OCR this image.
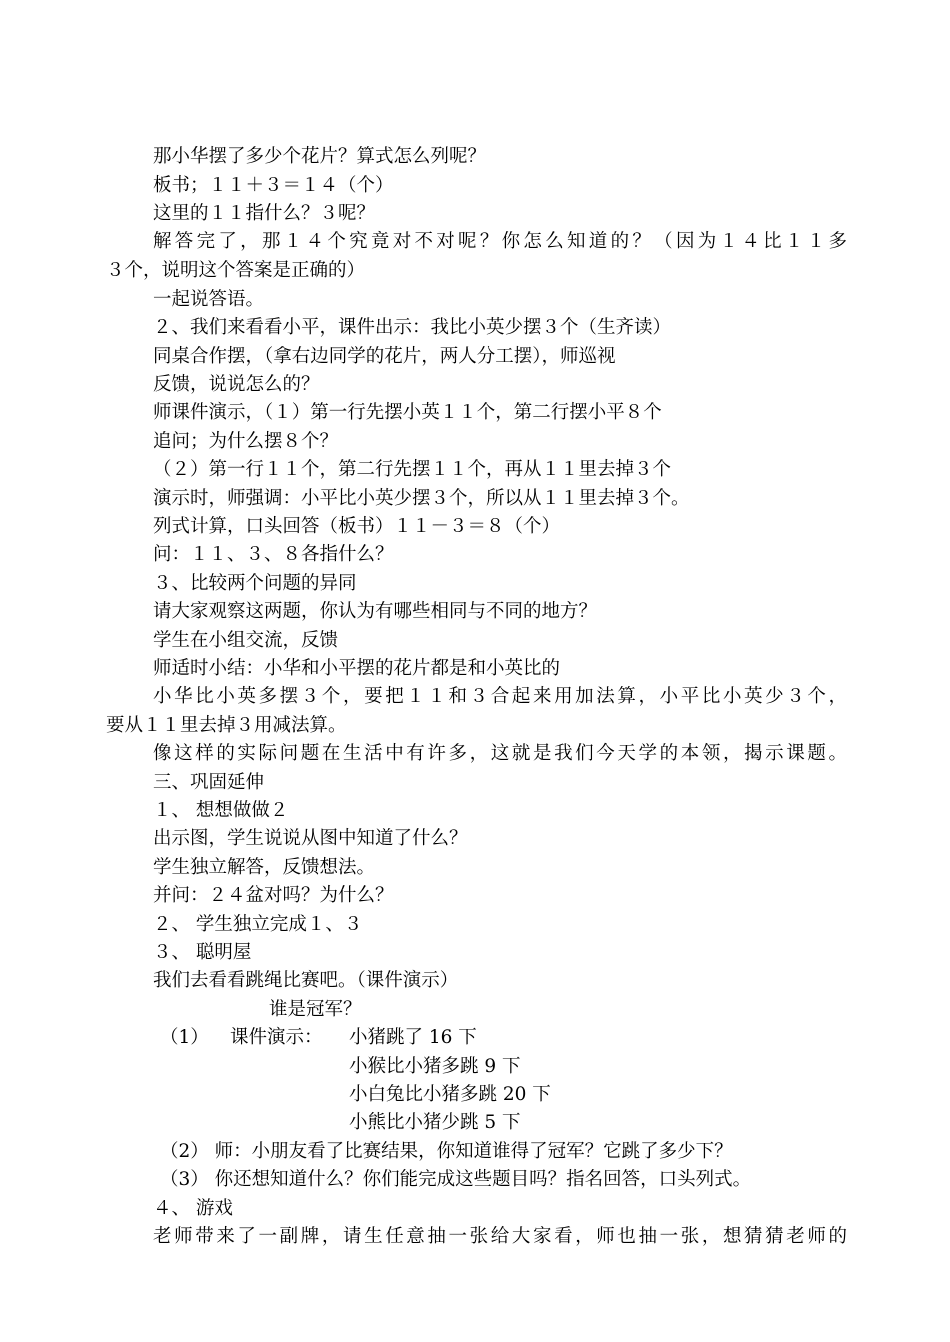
那小华摆了多少个花片？算式怎么列呢？
板书；１１＋３＝１４（个）
这里的１１指什么？３呢？
解答完了，那１４个究竟对不对呢？你怎么知道的？（因为１４比１１多
３个，说明这个答案是正确的）
一起说答语。
２、我们来看看小平，课件出示：我比小英少摆３个（生齐读）
同桌合作摆，（拿右边同学的花片，两人分工摆），师巡视
反馈，说说怎么的？
师课件演示，（１）第一行先摆小英１１个，第二行摆小平８个
追问；为什么摆８个？
（２）第一行１１个，第二行先摆１１个，再从１１里去掉３个
演示时，师强调：小平比小英少摆３个，所以从１１里去掉３个。
列式计算，口头回答（板书）１１－３＝８（个）
问：１１、３、８各指什么？
３、比较两个问题的异同
请大家观察这两题，你认为有哪些相同与不同的地方？
学生在小组交流，反馈
师适时小结：小华和小平摆的花片都是和小英比的
小华比小英多摆３个，要把１１和３合起来用加法算，小平比小英少３个，
要从１１里去掉３用减法算。
像这样的实际问题在生活中有许多，这就是我们今天学的本领，揭示课题。
三、巩固延伸
１、 想想做做２
出示图，学生说说从图中知道了什么？
学生独立解答，反馈想法。
并问：２４盆对吗？为什么？
２、 学生独立完成１、３
３、 聪明屋
我们去看看跳绳比赛吧。（课件演示）
谁是冠军？
（1） 课件演示： 小猪跳了 16 下
小猴比小猪多跳 9 下
小白兔比小猪多跳 20 下
小熊比小猪少跳 5 下
（2） 师：小朋友看了比赛结果，你知道谁得了冠军？它跳了多少下？
（3） 你还想知道什么？你们能完成这些题目吗？指名回答，口头列式。
４、 游戏
老师带来了一副牌，请生任意抽一张给大家看，师也抽一张，想猜猜老师的
